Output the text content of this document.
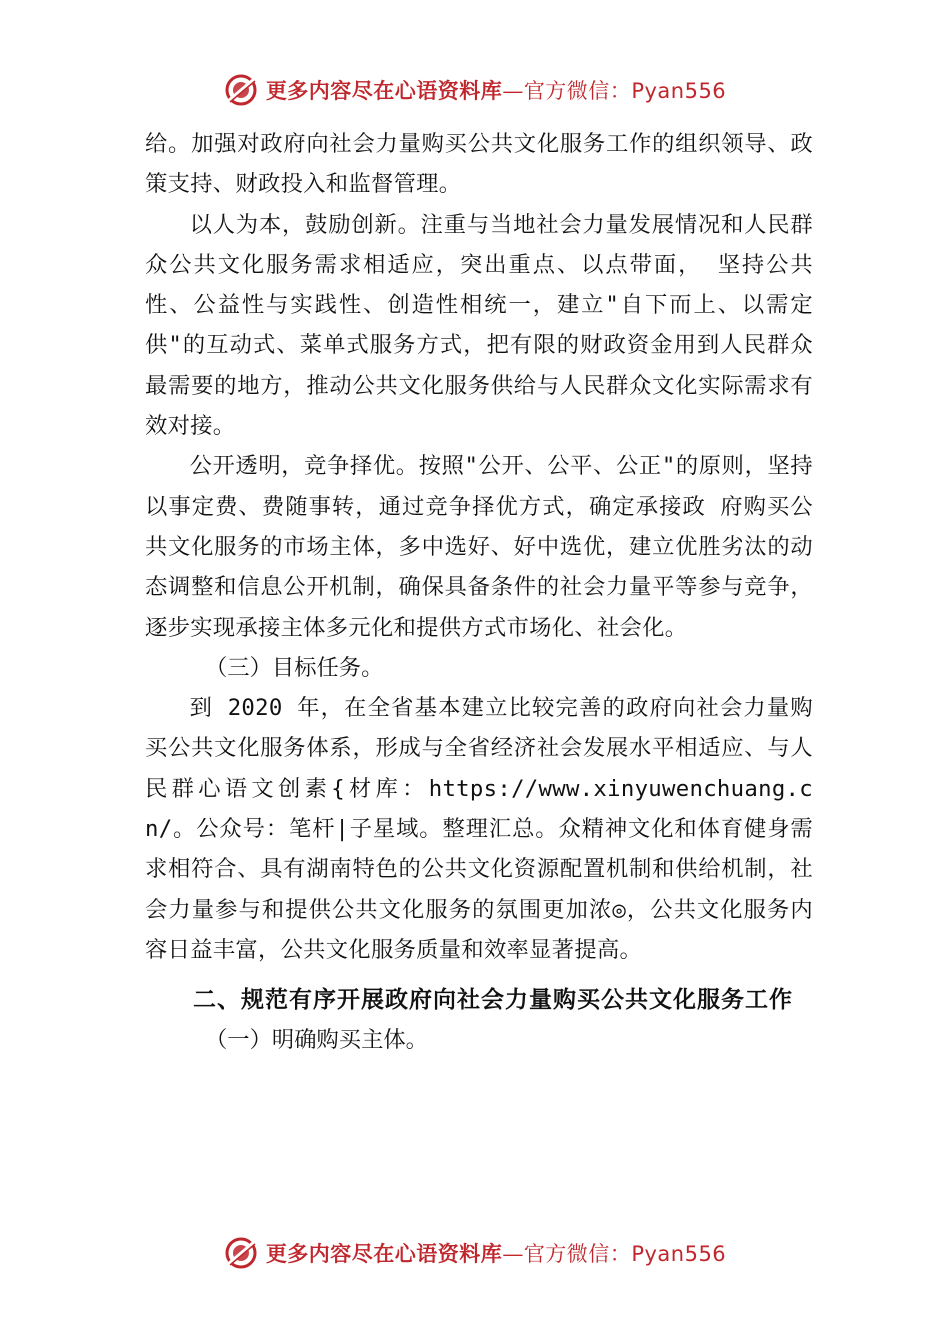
更多内容尽在心语资料库—官方微信：Pyan556

给。加强对政府向社会力量购买公共文化服务工作的组织领导、政策支持、财政投入和监督管理。

以人为本，鼓励创新。注重与当地社会力量发展情况和人民群众公共文化服务需求相适应，突出重点、以点带面， 坚持公共性、公益性与实践性、创造性相统一，建立"自下而上、以需定供"的互动式、菜单式服务方式，把有限的财政资金用到人民群众最需要的地方，推动公共文化服务供给与人民群众文化实际需求有效对接。

公开透明，竞争择优。按照"公开、公平、公正"的原则，坚持以事定费、费随事转，通过竞争择优方式，确定承接政 府购买公共文化服务的市场主体，多中选好、好中选优，建立优胜劣汰的动态调整和信息公开机制，确保具备条件的社会力量平等参与竞争，逐步实现承接主体多元化和提供方式市场化、社会化。

（三）目标任务。

到 2020 年，在全省基本建立比较完善的政府向社会力量购买公共文化服务体系，形成与全省经济社会发展水平相适应、与人民群心语文创素{材库：https://www.xinyuwenchuang.cn/。公众号：笔杆|子星域。整理汇总。众精神文化和体育健身需求相符合、具有湖南特色的公共文化资源配置机制和供给机制，社会力量参与和提供公共文化服务的氛围更加浓◎，公共文化服务内容日益丰富，公共文化服务质量和效率显著提高。

二、规范有序开展政府向社会力量购买公共文化服务工作

（一）明确购买主体。

更多内容尽在心语资料库—官方微信：Pyan556
